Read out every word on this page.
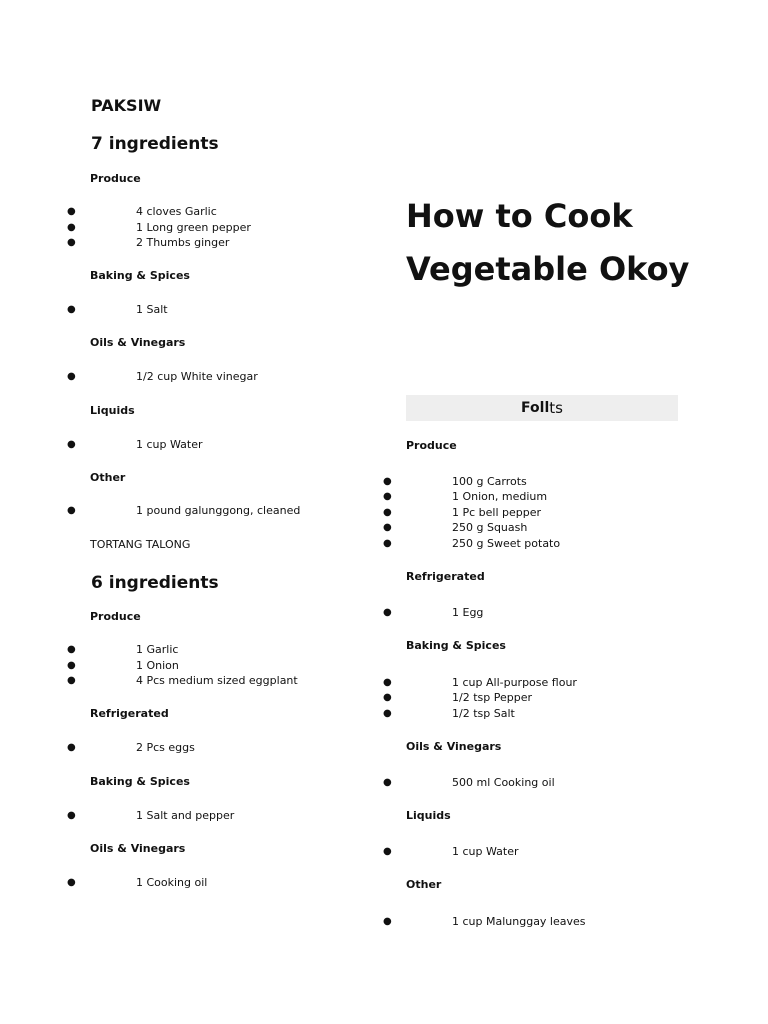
PAKSIW

7 ingredients

Produce

●	4 cloves Garlic
●	1 Long green pepper
●	2 Thumbs ginger

Baking & Spices

●	1 Salt

Oils & Vinegars

●	1/2 cup White vinegar

Liquids

●	1 cup Water

Other

●	1 pound galunggong, cleaned

TORTANG TALONG

6 ingredients

Produce

●	1 Garlic
●	1 Onion
●	4 Pcs medium sized eggplant

Refrigerated

●	2 Pcs eggs

Baking & Spices

●	1 Salt and pepper

Oils & Vinegars

●	1 Cooking oil

How to Cook

Vegetable Okoy

Foll ts

Produce

●	100 g Carrots
●	1 Onion, medium
●	1 Pc bell pepper
●	250 g Squash
●	250 g Sweet potato

Refrigerated

●	1 Egg

Baking & Spices

●	1 cup All-purpose flour
●	1/2 tsp Pepper
●	1/2 tsp Salt

Oils & Vinegars

●	500 ml Cooking oil

Liquids

●	1 cup Water

Other

●	1 cup Malunggay leaves
